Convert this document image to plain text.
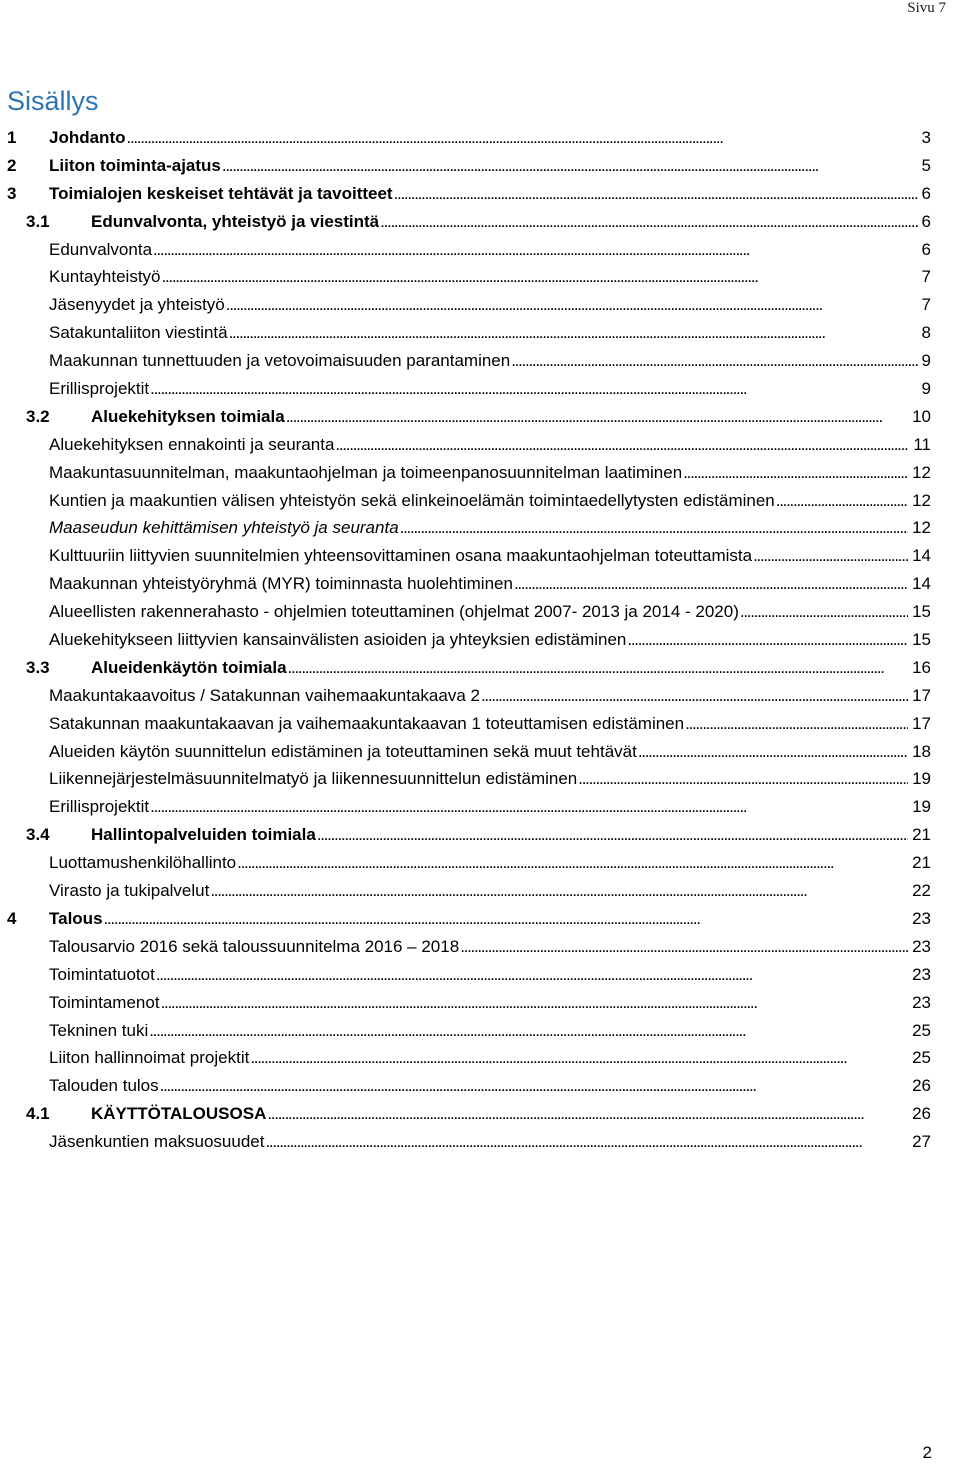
Sivu 7
Sisällys
1 Johdanto . . .	3
2 Liiton toiminta-ajatus . . .	5
3 Toimialojen keskeiset tehtävät ja tavoitteet . . .	6
3.1 Edunvalvonta, yhteistyö ja viestintä . . .	6
Edunvalvonta . . .	6
Kuntayhteistyö . . .	7
Jäsenyydet ja yhteistyö . . .	7
Satakuntaliiton viestintä . . .	8
Maakunnan tunnettuuden ja vetovoimaisuuden parantaminen . . .	9
Erillisprojektit . . .	9
3.2 Aluekehityksen toimiala . . .	10
Aluekehityksen ennakointi ja seuranta . . .	11
Maakuntasuunnitelman, maakuntaohjelman ja toimeenpanosuunnitelman laatiminen . . .	12
Kuntien ja maakuntien välisen yhteistyön sekä elinkeinoelämän toimintaedellytysten edistäminen . . .	12
Maaseudun kehittämisen yhteistyö ja seuranta . . .	12
Kulttuuriin liittyvien suunnitelmien yhteensovittaminen osana maakuntaohjelman toteuttamista . . .	14
Maakunnan yhteistyöryhmä (MYR) toiminnasta huolehtiminen . . .	14
Alueellisten rakennerahasto - ohjelmien toteuttaminen (ohjelmat 2007- 2013 ja 2014 - 2020) . . .	15
Aluekehitykseen liittyvien kansainvälisten asioiden ja yhteyksien edistäminen . . .	15
3.3 Alueidenkäytön toimiala . . .	16
Maakuntakaavoitus / Satakunnan vaihemaakuntakaava 2 . . .	17
Satakunnan maakuntakaavan ja vaihemaakuntakaavan 1 toteuttamisen edistäminen . . .	17
Alueiden käytön suunnittelun edistäminen ja toteuttaminen sekä muut tehtävät . . .	18
Liikennejärjestelmäsuunnitelmatyö ja liikennesuunnittelun edistäminen . . .	19
Erillisprojektit . . .	19
3.4 Hallintopalveluiden toimiala . . .	21
Luottamushenkilöhallinto . . .	21
Virasto ja tukipalvelut . . .	22
4 Talous . . .	23
Talousarvio 2016 sekä taloussuunnitelma 2016 – 2018 . . .	23
Toimintatuotot . . .	23
Toimintamenot . . .	23
Tekninen tuki . . .	25
Liiton hallinnoimat projektit . . .	25
Talouden tulos . . .	26
4.1 KÄYTTÖTALOUSOSA . . .	26
Jäsenkuntien maksuosuudet . . .	27
2
